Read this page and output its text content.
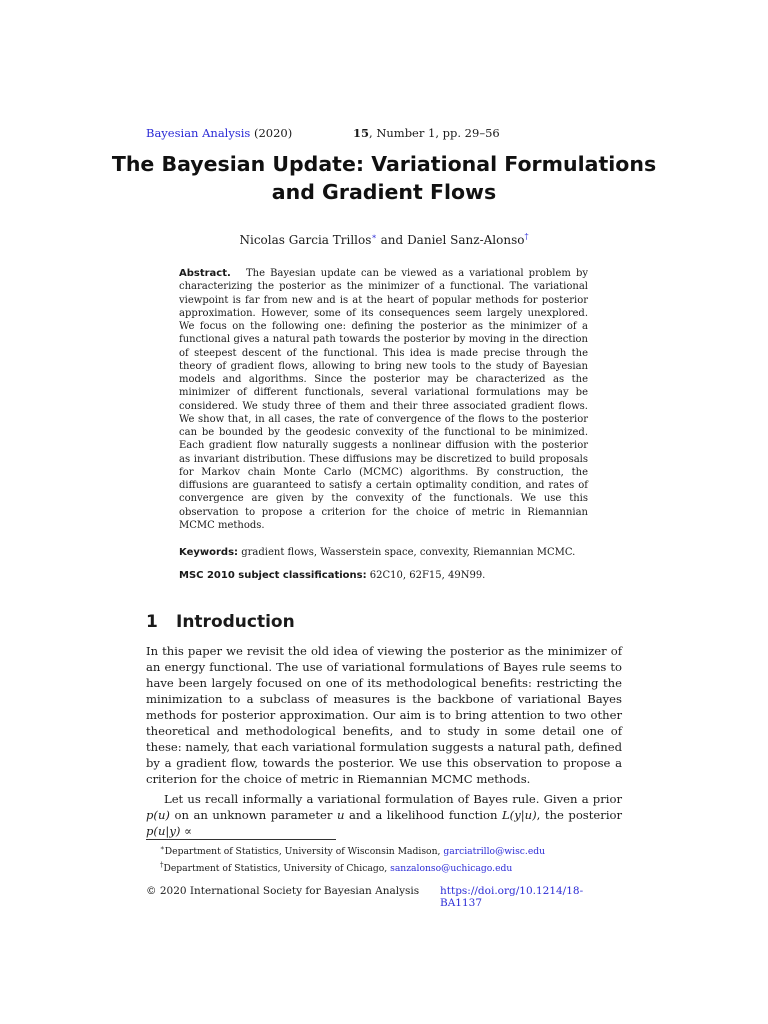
Bayesian Analysis (2020)	15, Number 1, pp. 29–56
The Bayesian Update: Variational Formulations
and Gradient Flows
Nicolas Garcia Trillos∗ and Daniel Sanz-Alonso†
Abstract. The Bayesian update can be viewed as a variational problem by characterizing the posterior as the minimizer of a functional. The variational viewpoint is far from new and is at the heart of popular methods for posterior approximation. However, some of its consequences seem largely unexplored. We focus on the following one: defining the posterior as the minimizer of a functional gives a natural path towards the posterior by moving in the direction of steepest descent of the functional. This idea is made precise through the theory of gradient flows, allowing to bring new tools to the study of Bayesian models and algorithms. Since the posterior may be characterized as the minimizer of different functionals, several variational formulations may be considered. We study three of them and their three associated gradient flows. We show that, in all cases, the rate of convergence of the flows to the posterior can be bounded by the geodesic convexity of the functional to be minimized. Each gradient flow naturally suggests a nonlinear diffusion with the posterior as invariant distribution. These diffusions may be discretized to build proposals for Markov chain Monte Carlo (MCMC) algorithms. By construction, the diffusions are guaranteed to satisfy a certain optimality condition, and rates of convergence are given by the convexity of the functionals. We use this observation to propose a criterion for the choice of metric in Riemannian MCMC methods.
Keywords: gradient flows, Wasserstein space, convexity, Riemannian MCMC.
MSC 2010 subject classifications: 62C10, 62F15, 49N99.
1 Introduction

In this paper we revisit the old idea of viewing the posterior as the minimizer of an energy functional. The use of variational formulations of Bayes rule seems to have been largely focused on one of its methodological benefits: restricting the minimization to a subclass of measures is the backbone of variational Bayes methods for posterior approximation. Our aim is to bring attention to two other theoretical and methodological benefits, and to study in some detail one of these: namely, that each variational formulation suggests a natural path, defined by a gradient flow, towards the posterior. We use this observation to propose a criterion for the choice of metric in Riemannian MCMC methods.

Let us recall informally a variational formulation of Bayes rule. Given a prior p(u) on an unknown parameter u and a likelihood function L(y|u), the posterior p(u|y) ∝

∗Department of Statistics, University of Wisconsin Madison, garciatrillo@wisc.edu
†Department of Statistics, University of Chicago, sanzalonso@uchicago.edu
© 2020 International Society for Bayesian Analysis https://doi.org/10.1214/18-BA1137
